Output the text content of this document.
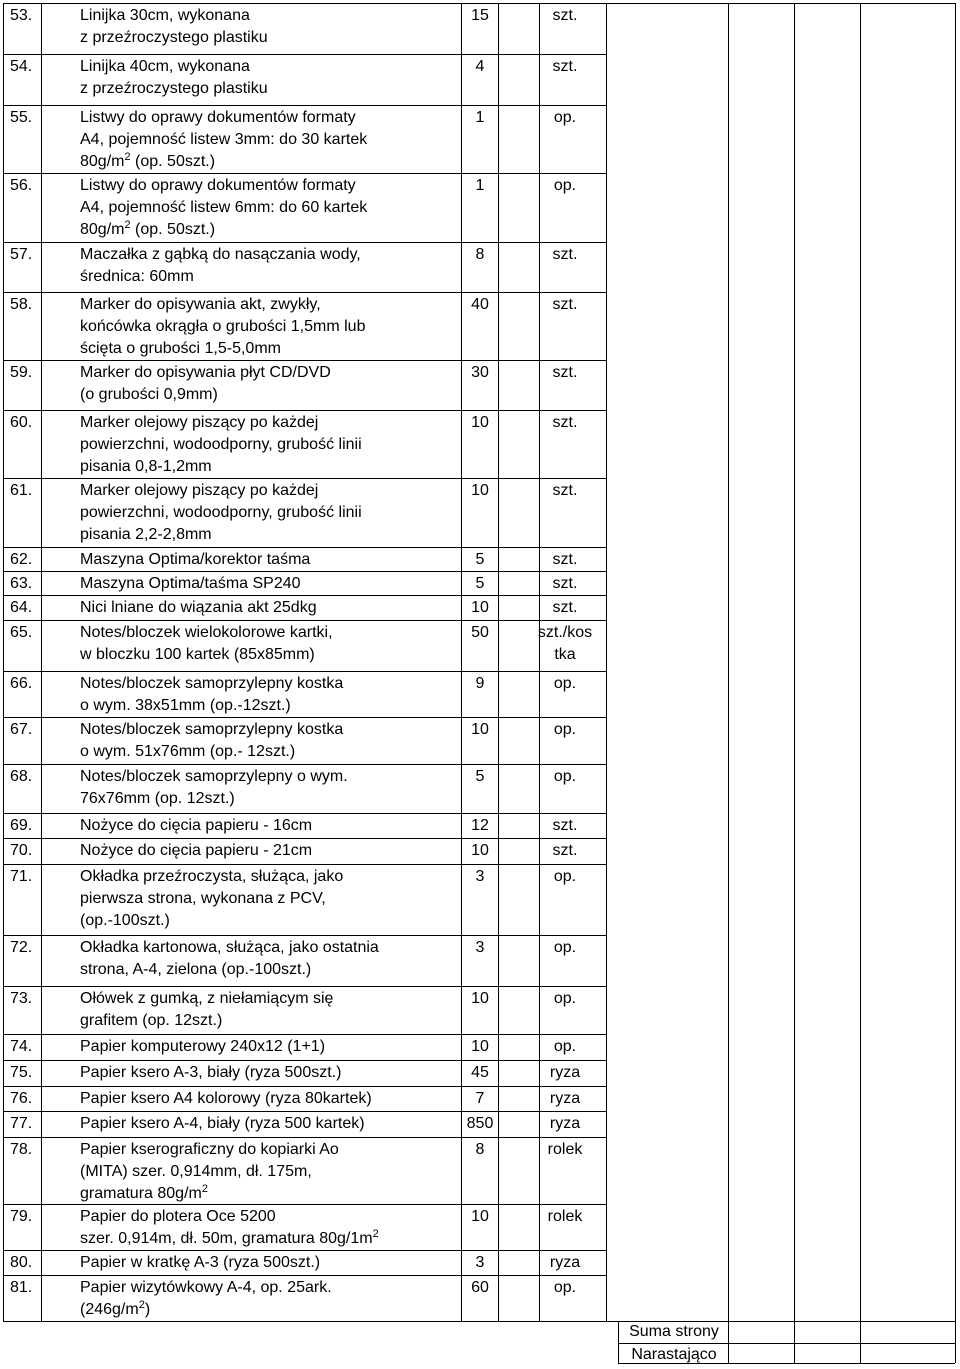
53.	Linijka 30cm, wykonana
z przeźroczystego plastiku
15	szt.
54.	Linijka 40cm, wykonana
z przeźroczystego plastiku
4	szt.
55.	Listwy do oprawy dokumentów formaty
A4, pojemność listew 3mm: do 30 kartek
$80g/m^2$ (op. 50szt.)
1	op.
56.	Listwy do oprawy dokumentów formaty
A4, pojemność listew 6mm: do 60 kartek
$80g/m^2$ (op. 50szt.)
1	op.
57.	Maczałka z gąbką do nasączania wody,
średnica: 60mm
8	szt.
58.	Marker do opisywania akt, zwykły,
końcówka okrągła o grubości 1,5mm lub
ścięta o grubości 1,5-5,0mm
40	szt.
59.	Marker do opisywania płyt CD/DVD
(o grubości 0,9mm)
30	szt.
60.	Marker olejowy piszący po każdej
powierzchni, wodoodporny, grubość linii
pisania 0,8-1,2mm
10	szt.
61.	Marker olejowy piszący po każdej
powierzchni, wodoodporny, grubość linii
pisania 2,2-2,8mm
10	szt.
62.	Maszyna Optima/korektor taśma	5	szt.
63.	Maszyna Optima/taśma SP240	5	szt.
64.	Nici lniane do wiązania akt 25dkg	10	szt.
65.	Notes/bloczek wielokolorowe kartki,
w bloczku 100 kartek (85x85mm)
50	szt./kos
tka
66.	Notes/bloczek samoprzylepny kostka
o wym. 38x51mm (op.-12szt.)
9	op.
67.	Notes/bloczek samoprzylepny kostka
o wym. 51x76mm (op.- 12szt.)
10	op.
68.	Notes/bloczek samoprzylepny o wym.
76x76mm (op. 12szt.)
5	op.
69.	Nożyce do cięcia papieru - 16cm	12	szt.
70.	Nożyce do cięcia papieru - 21cm	10	szt.
71.	Okładka przeźroczysta, służąca, jako
pierwsza strona, wykonana z PCV,
(op.-100szt.)
3	op.
72.	Okładka kartonowa, służąca, jako ostatnia
strona, A-4, zielona (op.-100szt.)
3	op.
73.	Ołówek z gumką, z niełamiącym się
grafitem (op. 12szt.)
10	op.
74.	Papier komputerowy 240x12 (1+1)	10	op.
75.	Papier ksero A-3, biały (ryza 500szt.)	45	ryza
76.	Papier ksero A4 kolorowy (ryza 80kartek)	7	ryza
77.	Papier ksero A-4, biały (ryza 500 kartek)	850	ryza
78.	Papier kserograficzny do kopiarki Ao
(MITA) szer. 0,914mm, dł. 175m,
gramatura $80g/m^2$
8	rolek
79.	Papier do plotera Oce 5200
szer. 0,914m, dł. 50m, gramatura $80g/1m^2$
10	rolek
80.	Papier w kratkę A-3 (ryza 500szt.)	3	ryza
81.	Papier wizytówkowy A-4, op. 25ark.
$(246g/m^2)$
60	op.
Suma strony
Narastająco
